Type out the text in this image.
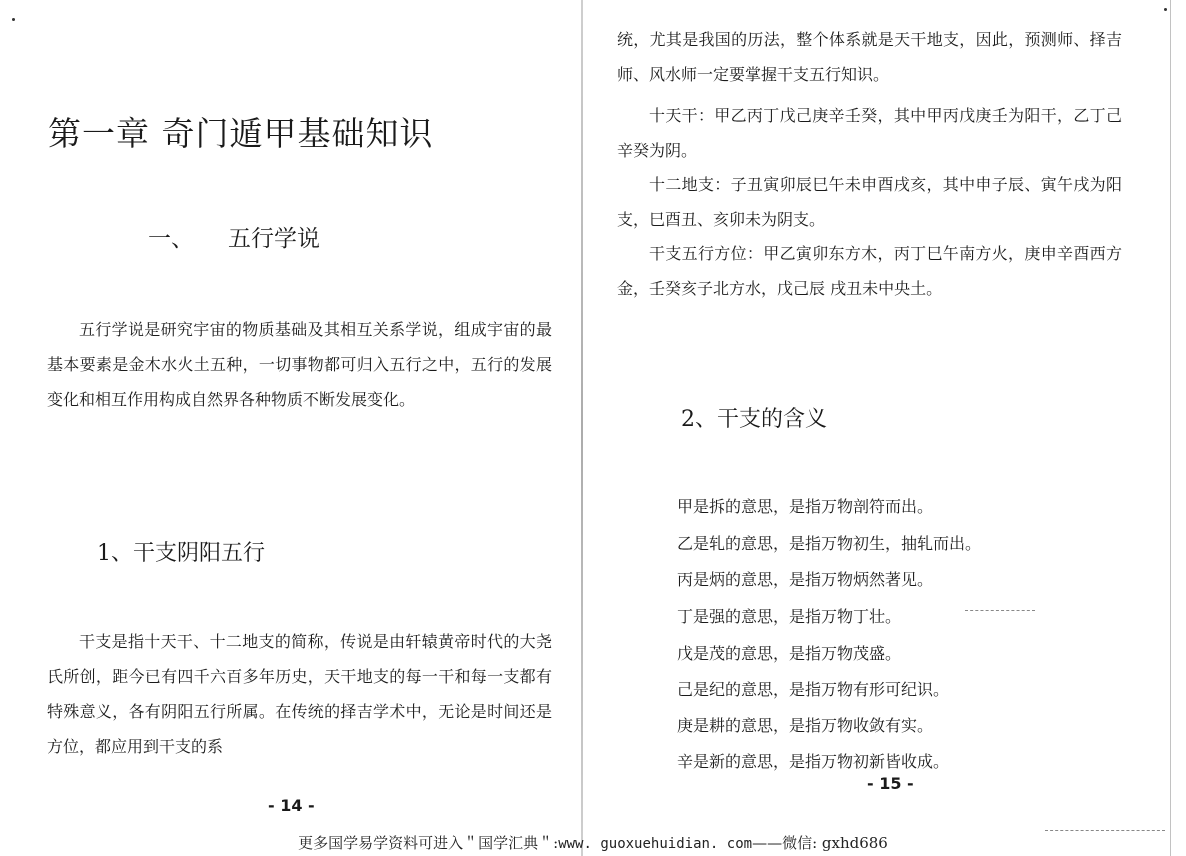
第一章 奇门遁甲基础知识
一、 五行学说

五行学说是研究宇宙的物质基础及其相互关系学说，组成宇宙的最基本要素是金木水火土五种，一切事物都可归入五行之中，五行的发展变化和相互作用构成自然界各种物质不断发展变化。

1、干支阴阳五行

干支是指十天干、十二地支的简称，传说是由轩辕黄帝时代的大尧氏所创，距今已有四千六百多年历史，天干地支的每一干和每一支都有特殊意义，各有阴阳五行所属。在传统的择吉学术中，无论是时间还是方位，都应用到干支的系

- 14 -

统，尤其是我国的历法，整个体系就是天干地支，因此，预测师、择吉师、风水师一定要掌握干支五行知识。

十天干：甲乙丙丁戊己庚辛壬癸，其中甲丙戊庚壬为阳干，乙丁己辛癸为阴。

十二地支：子丑寅卯辰巳午未申酉戌亥，其中申子辰、寅午戌为阳支，巳酉丑、亥卯未为阴支。

干支五行方位：甲乙寅卯东方木，丙丁巳午南方火，庚申辛酉西方金，壬癸亥子北方水，戊己辰 戌丑未中央土。

2、干支的含义
甲是拆的意思，是指万物剖符而出。
乙是轧的意思，是指万物初生，抽轧而出。
丙是炳的意思，是指万物炳然著见。
丁是强的意思，是指万物丁壮。
戊是茂的意思，是指万物茂盛。
己是纪的意思，是指万物有形可纪识。
庚是耕的意思，是指万物收敛有实。
辛是新的意思，是指万物初新皆收成。
- 15 -
更多国学易学资料可进入＂国学汇典＂:www. guoxuehuidian. com——微信: gxhd686
